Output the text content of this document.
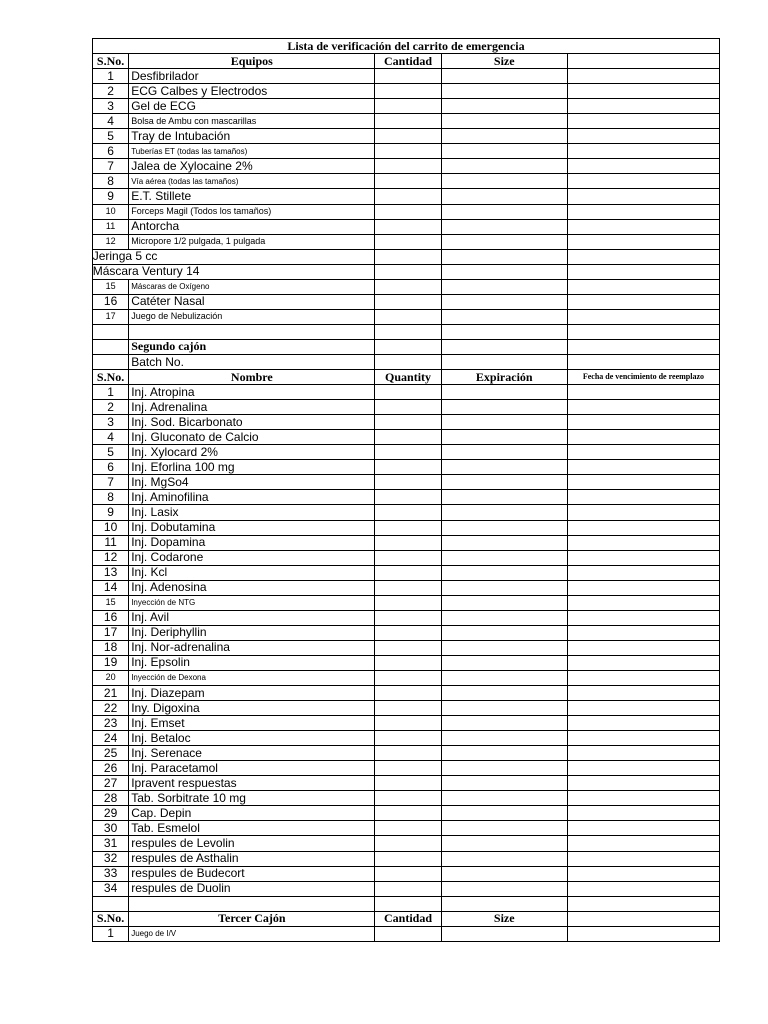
Lista de verificación del carrito de emergencia				
S.No.	Equipos	Cantidad	Size	
1	Desfibrilador			
2	ECG Calbes y Electrodos			
3	Gel de ECG			
4	Bolsa de Ambu con mascarillas			
5	Tray de Intubación			
6	Tuberías ET (todas las tamaños)			
7	Jalea de Xylocaine 2%			
8	Vía aérea (todas las tamaños)			
9	E.T. Stillete			
10	Forceps Magil (Todos los tamaños)			
11	Antorcha			
12	Micropore 1/2 pulgada, 1 pulgada			

	Jeringa 5 cc			

	Máscara Ventury 14			

15	Máscaras de Oxígeno			
16	Catéter Nasal			
17	Juego de Nebulización			

	Segundo cajón			
	Batch No.			
S.No.	Nombre	Quantity	Expiración	Fecha de vencimiento de reemplazo
1	Inj. Atropina			
2	Inj. Adrenalina			
3	Inj. Sod. Bicarbonato			
4	Inj. Gluconato de Calcio			
5	Inj. Xylocard 2%			
6	Inj. Eforlina 100 mg			
7	Inj. MgSo4			
8	Inj. Aminofilina			
9	Inj. Lasix			
10	Inj. Dobutamina			
11	Inj. Dopamina			
12	Inj. Codarone			
13	Inj. Kcl			
14	Inj. Adenosina			
15	Inyección de NTG			
16	Inj. Avil			
17	Inj. Deriphyllin			
18	Inj. Nor-adrenalina			
19	Inj. Epsolin			
20	Inyección de Dexona			
21	Inj. Diazepam			
22	Iny. Digoxina			
23	Inj. Emset			
24	Inj. Betaloc			
25	Inj. Serenace			
26	Inj. Paracetamol			
27	Ipravent respuestas			
28	Tab. Sorbitrate 10 mg			
29	Cap. Depin			
30	Tab. Esmelol			
31	respules de Levolin			
32	respules de Asthalin			
33	respules de Budecort			
34	respules de Duolin			

S.No.	Tercer Cajón	Cantidad	Size	
1	Juego de I/V			
